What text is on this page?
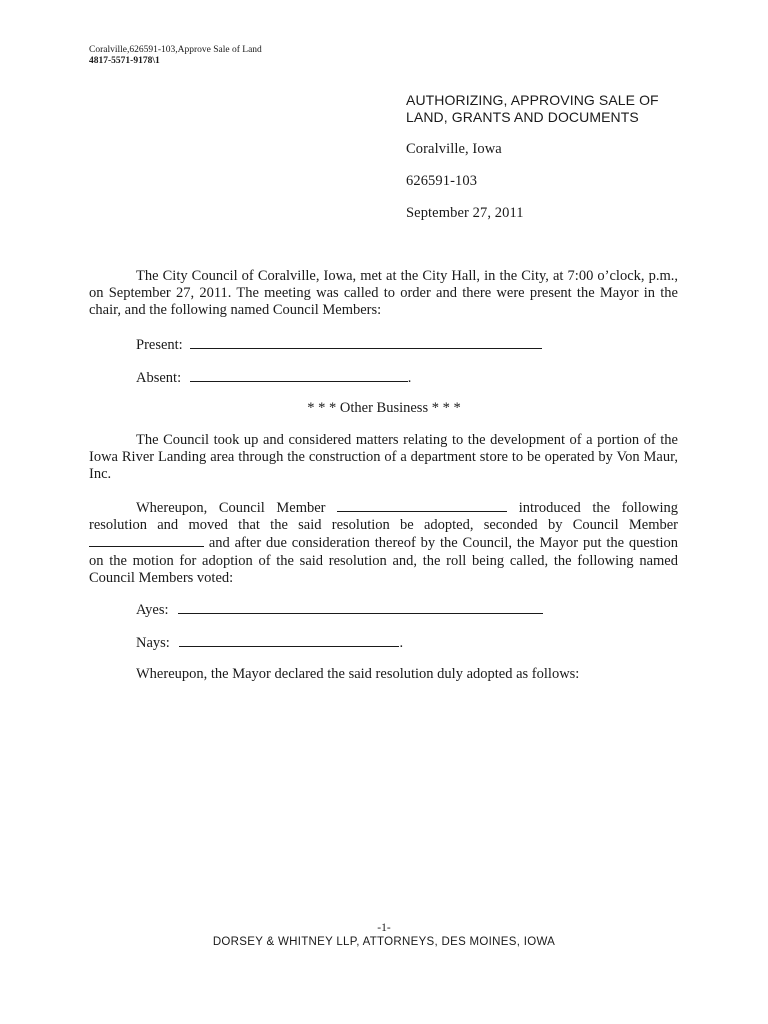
Coralville,626591-103,Approve Sale of Land
4817-5571-9178\1
AUTHORIZING, APPROVING SALE OF
LAND, GRANTS AND DOCUMENTS
Coralville, Iowa
626591-103
September 27, 2011

The City Council of Coralville, Iowa, met at the City Hall, in the City, at 7:00 o’clock, p.m., on September 27, 2011. The meeting was called to order and there were present the Mayor in the chair, and the following named Council Members:

Present:
Absent:	.
* * * Other Business * * *

The Council took up and considered matters relating to the development of a portion of the Iowa River Landing area through the construction of a department store to be operated by Von Maur, Inc.

Whereupon, Council Member	introduced the following resolution and moved that the said resolution be adopted, seconded by Council Member  and after due consideration thereof by the Council, the Mayor put the question on the motion for adoption of the said resolution and, the roll being called, the following named Council Members voted:

Ayes:
Nays:	.

Whereupon, the Mayor declared the said resolution duly adopted as follows:

-1-
DORSEY & WHITNEY LLP, ATTORNEYS, DES MOINES, IOWA
